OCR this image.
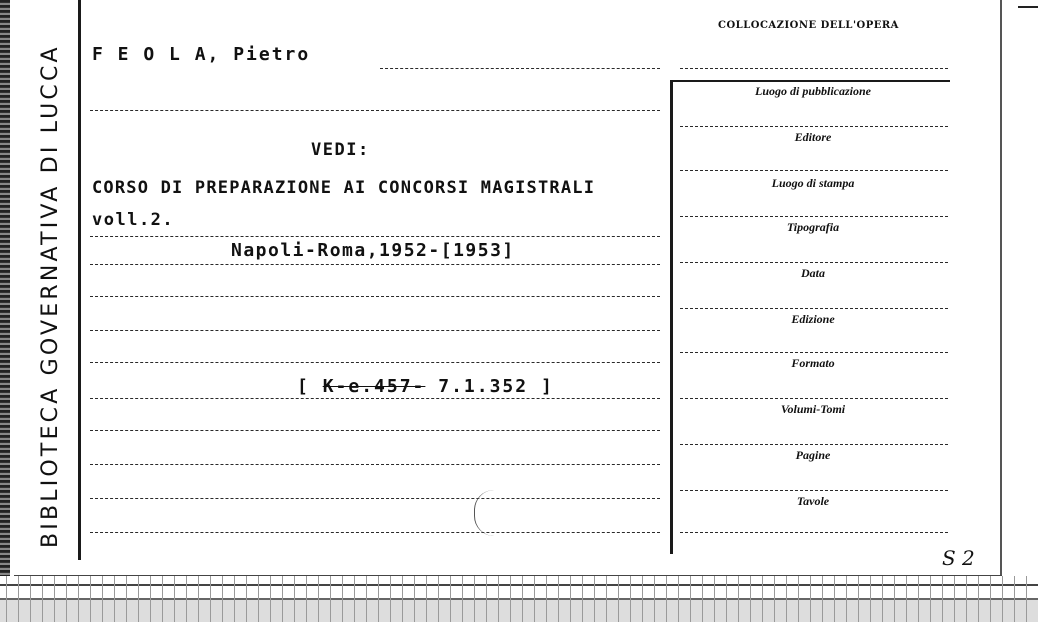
BIBLIOTECA GOVERNATIVA DI LUCCA F E O L A, Pietro
VEDI:
CORSO DI PREPARAZIONE AI CONCORSI MAGISTRALI
voll.2.
Napoli-Roma,1952-[1953]
[ K-e.457- 7.1.352 ]
COLLOCAZIONE DELL'OPERA
Luogo di pubblicazione
Editore
Luogo di stampa
Tipografia
Data
Edizione
Formato
Volumi-Tomi
Pagine
Tavole
S 2
